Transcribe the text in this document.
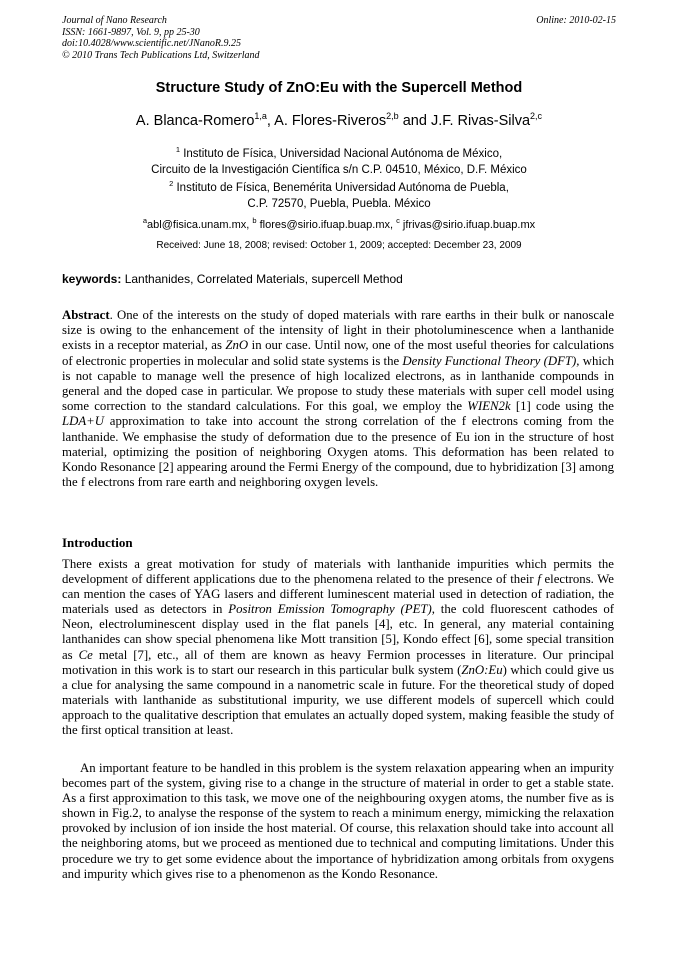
Journal of Nano Research
ISSN: 1661-9897, Vol. 9, pp 25-30
doi:10.4028/www.scientific.net/JNanoR.9.25
© 2010 Trans Tech Publications Ltd, Switzerland
Online: 2010-02-15
Structure Study of ZnO:Eu with the Supercell Method
A. Blanca-Romero$^{1,a}$, A. Flores-Riveros$^{2,b}$ and J.F. Rivas-Silva$^{2,c}$
$^1$ Instituto de Física, Universidad Nacional Autónoma de México,
Circuito de la Investigación Científica s/n C.P. 04510, México, D.F. México
$^2$ Instituto de Física, Benemérita Universidad Autónoma de Puebla,
C.P. 72570, Puebla, Puebla. México
$^a$abl@fisica.unam.mx, $^b$ flores@sirio.ifuap.buap.mx, $^c$ jfrivas@sirio.ifuap.buap.mx
Received: June 18, 2008; revised: October 1, 2009; accepted: December 23, 2009
keywords: Lanthanides, Correlated Materials, supercell Method

Abstract. One of the interests on the study of doped materials with rare earths in their bulk or nanoscale size is owing to the enhancement of the intensity of light in their photoluminescence when a lanthanide exists in a receptor material, as ZnO in our case. Until now, one of the most useful theories for calculations of electronic properties in molecular and solid state systems is the Density Functional Theory (DFT), which is not capable to manage well the presence of high localized electrons, as in lanthanide compounds in general and the doped case in particular. We propose to study these materials with super cell model using some correction to the standard calculations. For this goal, we employ the WIEN2k [1] code using the LDA+U approximation to take into account the strong correlation of the f electrons coming from the lanthanide. We emphasise the study of deformation due to the presence of Eu ion in the structure of host material, optimizing the position of neighboring Oxygen atoms. This deformation has been related to Kondo Resonance [2] appearing around the Fermi Energy of the compound, due to hybridization [3] among the f electrons from rare earth and neighboring oxygen levels.

Introduction

There exists a great motivation for study of materials with lanthanide impurities which permits the development of different applications due to the phenomena related to the presence of their f electrons. We can mention the cases of YAG lasers and different luminescent material used in detection of radiation, the materials used as detectors in Positron Emission Tomography (PET), the cold fluorescent cathodes of Neon, electroluminescent display used in the flat panels [4], etc. In general, any material containing lanthanides can show special phenomena like Mott transition [5], Kondo effect [6], some special transition as Ce metal [7], etc., all of them are known as heavy Fermion processes in literature. Our principal motivation in this work is to start our research in this particular bulk system (ZnO:Eu) which could give us a clue for analysing the same compound in a nanometric scale in future. For the theoretical study of doped materials with lanthanide as substitutional impurity, we use different models of supercell which could approach to the qualitative description that emulates an actually doped system, making feasible the study of the first optical transition at least.

An important feature to be handled in this problem is the system relaxation appearing when an impurity becomes part of the system, giving rise to a change in the structure of material in order to get a stable state. As a first approximation to this task, we move one of the neighbouring oxygen atoms, the number five as is shown in Fig.2, to analyse the response of the system to reach a minimum energy, mimicking the relaxation provoked by inclusion of ion inside the host material. Of course, this relaxation should take into account all the neighboring atoms, but we proceed as mentioned due to technical and computing limitations. Under this procedure we try to get some evidence about the importance of hybridization among orbitals from oxygens and impurity which gives rise to a phenomenon as the Kondo Resonance.
